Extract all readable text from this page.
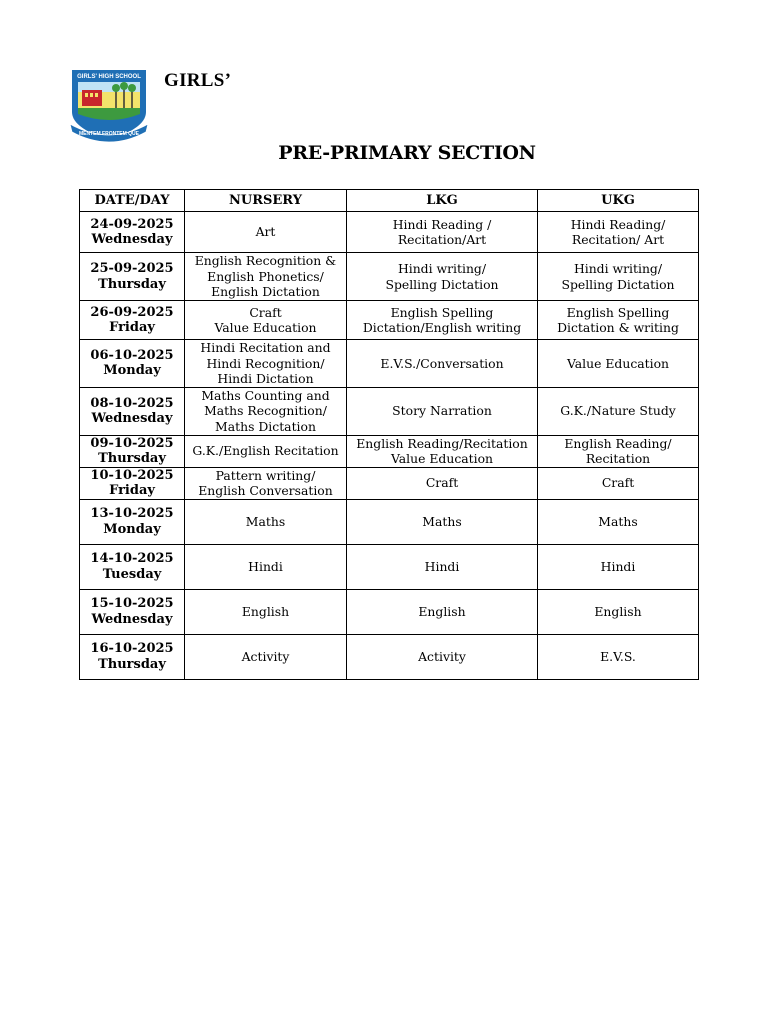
GIRLS' HIGH SCHOOL
MENTEM FRONTEM QUE
GIRLS’
PRE-PRIMARY SECTION
DATE/DAY	NURSERY	LKG	UKG

24-09-2025
Wednesday	Art	Hindi Reading /
Recitation/Art	Hindi Reading/
Recitation/ Art

25-09-2025
Thursday	English Recognition &
English Phonetics/
English Dictation	Hindi writing/
Spelling Dictation	Hindi writing/
Spelling Dictation

26-09-2025
Friday	Craft
Value Education	English Spelling
Dictation/English writing	English Spelling
Dictation & writing

06-10-2025
Monday	Hindi Recitation and
Hindi Recognition/
Hindi Dictation	E.V.S./Conversation	Value Education

08-10-2025
Wednesday	Maths Counting and
Maths Recognition/
Maths Dictation	Story Narration	G.K./Nature Study

09-10-2025
Thursday	G.K./English Recitation	English Reading/Recitation
Value Education	English Reading/
Recitation

10-10-2025
Friday	Pattern writing/
English Conversation	Craft	Craft

13-10-2025
Monday	Maths	Maths	Maths

14-10-2025
Tuesday	Hindi	Hindi	Hindi

15-10-2025
Wednesday	English	English	English

16-10-2025
Thursday	Activity	Activity	E.V.S.
